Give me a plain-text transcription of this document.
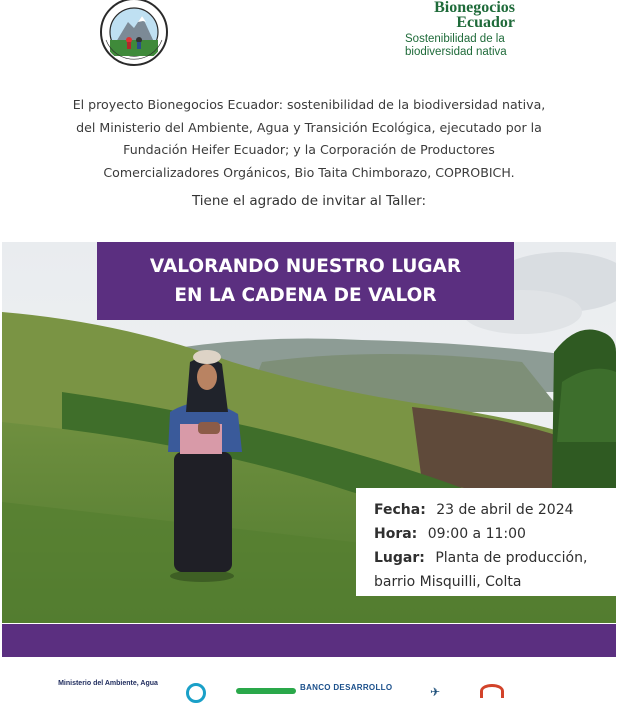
Bionegocios
Ecuador
Sostenibilidad de la
biodiversidad nativa
El proyecto Bionegocios Ecuador: sostenibilidad de la biodiversidad nativa,
del Ministerio del Ambiente, Agua y Transición Ecológica, ejecutado por la
Fundación Heifer Ecuador; y la Corporación de Productores
Comercializadores Orgánicos, Bio Taita Chimborazo, COPROBICH.
Tiene el agrado de invitar al Taller:
VALORANDO NUESTRO LUGAR
EN LA CADENA DE VALOR
Fecha: 23 de abril de 2024
Hora: 09:00 a 11:00
Lugar: Planta de producción,
barrio Misquilli, Colta
Ministerio del Ambiente, Agua	BANCO DESARROLLO	✈
